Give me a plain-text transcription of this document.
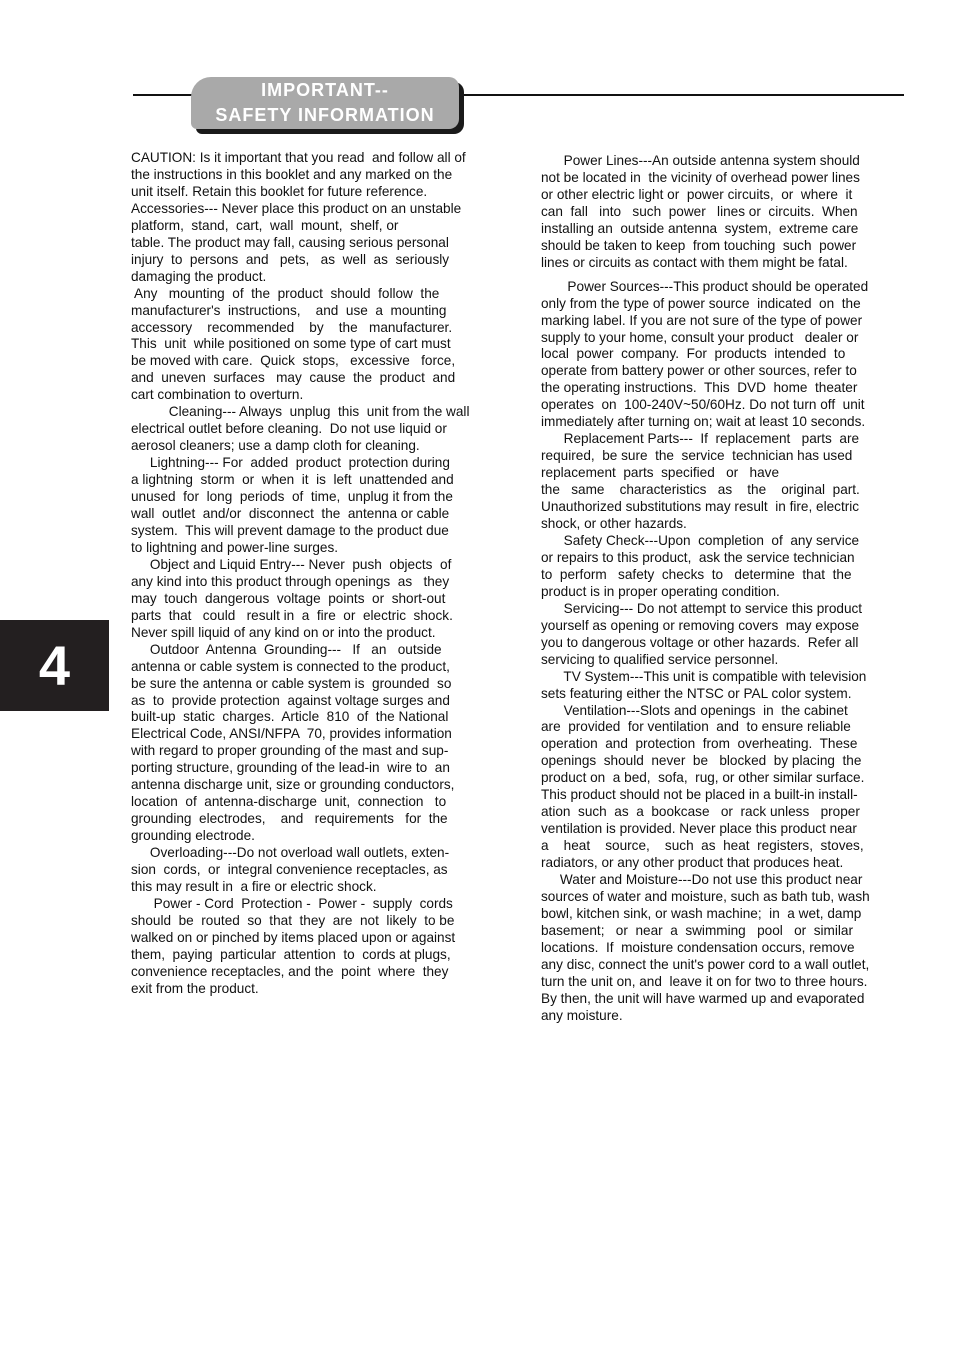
IMPORTANT--
SAFETY INFORMATION
4
CAUTION: Is it important that you read  and follow all of
the instructions in this booklet and any marked on the
unit itself. Retain this booklet for future reference.
Accessories--- Never place this product on an unstable
platform,  stand,  cart,  wall  mount,  shelf, or
table. The product may fall, causing serious personal
injury  to  persons  and   pets,   as  well  as  seriously
damaging the product.
Any   mounting  of  the  product  should  follow  the
manufacturer's  instructions,    and  use  a  mounting
accessory    recommended    by    the   manufacturer.
This  unit  while positioned on some type of cart must
be moved with care.  Quick  stops,   excessive   force,
and  uneven  surfaces   may  cause  the  product  and
cart combination to overturn.
Cleaning--- Always  unplug  this  unit from the wall
electrical outlet before cleaning.  Do not use liquid or
aerosol cleaners; use a damp cloth for cleaning.
Lightning--- For  added  product  protection during
a lightning  storm  or  when  it  is  left  unattended and
unused  for  long  periods  of  time,  unplug it from the
wall  outlet  and/or  disconnect  the  antenna or cable
system.  This will prevent damage to the product due
to lightning and power-line surges.
Object and Liquid Entry--- Never  push  objects  of
any kind into this product through openings  as   they
may  touch  dangerous  voltage  points  or  short-out
parts  that   could   result in  a  fire  or  electric  shock.
Never spill liquid of any kind on or into the product.
Outdoor  Antenna  Grounding---   If   an   outside
antenna or cable system is connected to the product,
be sure the antenna or cable system is  grounded  so
as  to  provide protection  against voltage surges and
built-up  static  charges.  Article  810  of  the National
Electrical Code, ANSI/NFPA  70, provides information
with regard to proper grounding of the mast and sup-
porting structure, grounding of the lead-in  wire to  an
antenna discharge unit, size or grounding conductors,
location  of  antenna-discharge  unit,  connection   to
grounding  electrodes,    and   requirements   for  the
grounding electrode.
Overloading---Do not overload wall outlets, exten-
sion  cords,  or  integral convenience receptacles, as
this may result in  a fire or electric shock.
Power - Cord  Protection -  Power -  supply  cords
should  be  routed  so  that  they  are  not  likely  to be
walked on or pinched by items placed upon or against
them,  paying  particular  attention  to  cords at plugs,
convenience receptacles, and the  point  where  they
exit from the product.
Power Lines---An outside antenna system should
not be located in  the vicinity of overhead power lines
or other electric light or  power circuits,  or  where  it
can  fall   into   such  power   lines or  circuits.  When
installing an  outside antenna  system,  extreme care
should be taken to keep  from touching  such  power
lines or circuits as contact with them might be fatal.
Power Sources---This product should be operated
only from the type of power source  indicated  on  the
marking label. If you are not sure of the type of power
supply to your home, consult your product   dealer or
local  power  company.  For  products  intended  to
operate from battery power or other sources, refer to
the operating instructions.  This  DVD  home  theater
operates  on  100-240V~50/60Hz. Do not turn off  unit
immediately after turning on; wait at least 10 seconds.
Replacement Parts---  If  replacement   parts  are
required,  be sure  the  service  technician has used
replacement  parts  specified   or   have
the   same    characteristics   as    the    original  part.
Unauthorized substitutions may result  in fire, electric
shock, or other hazards.
Safety Check---Upon  completion  of  any service
or repairs to this product,  ask the service technician
to  perform   safety  checks  to   determine  that  the
product is in proper operating condition.
Servicing--- Do not attempt to service this product
yourself as opening or removing covers  may expose
you to dangerous voltage or other hazards.  Refer all
servicing to qualified service personnel.
TV System---This unit is compatible with television
sets featuring either the NTSC or PAL color system.
Ventilation---Slots and openings  in  the cabinet
are  provided  for ventilation  and  to ensure reliable
operation  and  protection  from  overheating.  These
openings  should  never  be   blocked  by placing  the
product on  a bed,  sofa,  rug, or other similar surface.
This product should not be placed in a built-in install-
ation  such  as  a  bookcase   or  rack unless   proper
ventilation is provided. Never place this product near
a    heat    source,    such  as  heat  registers,  stoves,
radiators, or any other product that produces heat.
Water and Moisture---Do not use this product near
sources of water and moisture, such as bath tub, wash
bowl, kitchen sink, or wash machine;  in  a wet, damp
basement;   or  near  a  swimming   pool   or  similar
locations.  If  moisture condensation occurs, remove
any disc, connect the unit's power cord to a wall outlet,
turn the unit on, and  leave it on for two to three hours.
By then, the unit will have warmed up and evaporated
any moisture.
